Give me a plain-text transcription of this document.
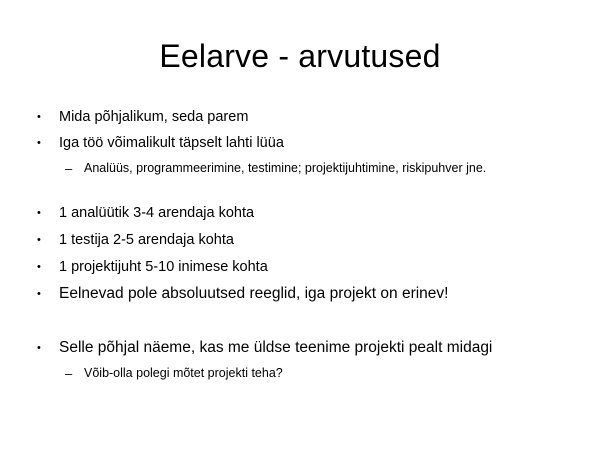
Eelarve - arvutused
• Mida põhjalikum, seda parem
• Iga töö võimalikult täpselt lahti lüüa
– Analüüs, programmeerimine, testimine; projektijuhtimine, riskipuhver jne.
• 1 analüütik 3-4 arendaja kohta
• 1 testija 2-5 arendaja kohta
• 1 projektijuht 5-10 inimese kohta
• Eelnevad pole absoluutsed reeglid, iga projekt on erinev!
• Selle põhjal näeme, kas me üldse teenime projekti pealt midagi
– Võib-olla polegi mõtet projekti teha?
